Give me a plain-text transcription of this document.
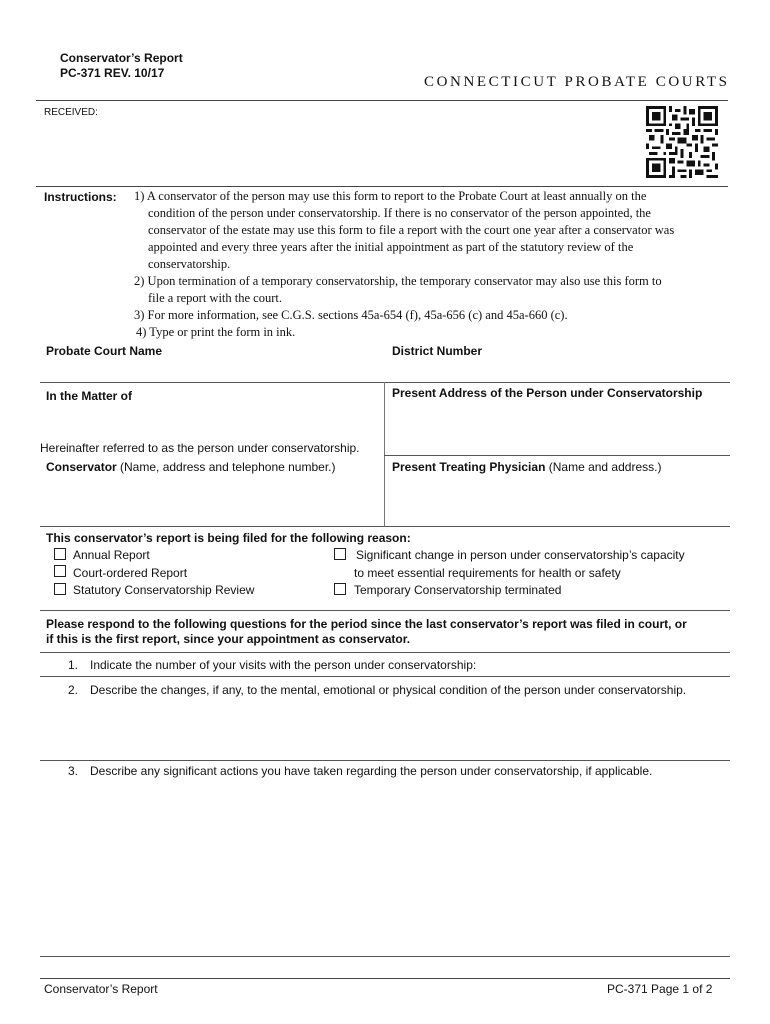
Conservator’s Report
PC-371 REV. 10/17
CONNECTICUT PROBATE COURTS
RECEIVED:
Instructions: 1) A conservator of the person may use this form to report to the Probate Court at least annually on the
condition of the person under conservatorship. If there is no conservator of the person appointed, the
conservator of the estate may use this form to file a report with the court one year after a conservator was
appointed and every three years after the initial appointment as part of the statutory review of the
conservatorship.
2) Upon termination of a temporary conservatorship, the temporary conservator may also use this form to
file a report with the court.
3) For more information, see C.G.S. sections 45a-654 (f), 45a-656 (c) and 45a-660 (c).
4) Type or print the form in ink.
Probate Court Name	District Number
In the Matter of	Present Address of the Person under Conservatorship
Hereinafter referred to as the person under conservatorship.
Conservator (Name, address and telephone number.)	Present Treating Physician (Name and address.)
This conservator’s report is being filed for the following reason:
Annual Report
Court-ordered Report
Statutory Conservatorship Review
Significant change in person under conservatorship’s capacity
to meet essential requirements for health or safety
Temporary Conservatorship terminated
Please respond to the following questions for the period since the last conservator’s report was filed in court, or
if this is the first report, since your appointment as conservator.
1. Indicate the number of your visits with the person under conservatorship:
2. Describe the changes, if any, to the mental, emotional or physical condition of the person under conservatorship.
3. Describe any significant actions you have taken regarding the person under conservatorship, if applicable.
Conservator’s Report	PC-371 Page 1 of 2
